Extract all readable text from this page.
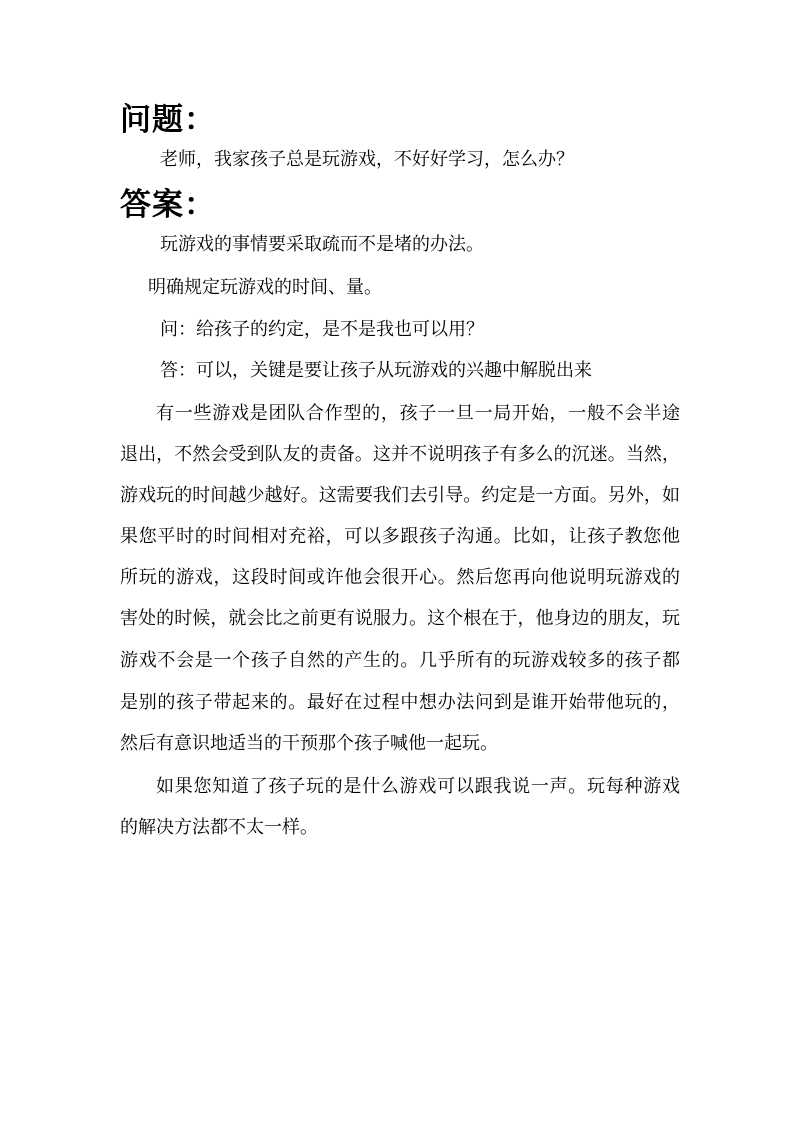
问题：

老师，我家孩子总是玩游戏，不好好学习，怎么办？

答案：

玩游戏的事情要采取疏而不是堵的办法。

明确规定玩游戏的时间、量。

问：给孩子的约定，是不是我也可以用？

答：可以，关键是要让孩子从玩游戏的兴趣中解脱出来

有一些游戏是团队合作型的，孩子一旦一局开始，一般不会半途

退出，不然会受到队友的责备。这并不说明孩子有多么的沉迷。当然，

游戏玩的时间越少越好。这需要我们去引导。约定是一方面。另外，如

果您平时的时间相对充裕，可以多跟孩子沟通。比如，让孩子教您他

所玩的游戏，这段时间或许他会很开心。然后您再向他说明玩游戏的

害处的时候，就会比之前更有说服力。这个根在于，他身边的朋友，玩

游戏不会是一个孩子自然的产生的。几乎所有的玩游戏较多的孩子都

是别的孩子带起来的。最好在过程中想办法问到是谁开始带他玩的，

然后有意识地适当的干预那个孩子喊他一起玩。

如果您知道了孩子玩的是什么游戏可以跟我说一声。玩每种游戏

的解决方法都不太一样。
